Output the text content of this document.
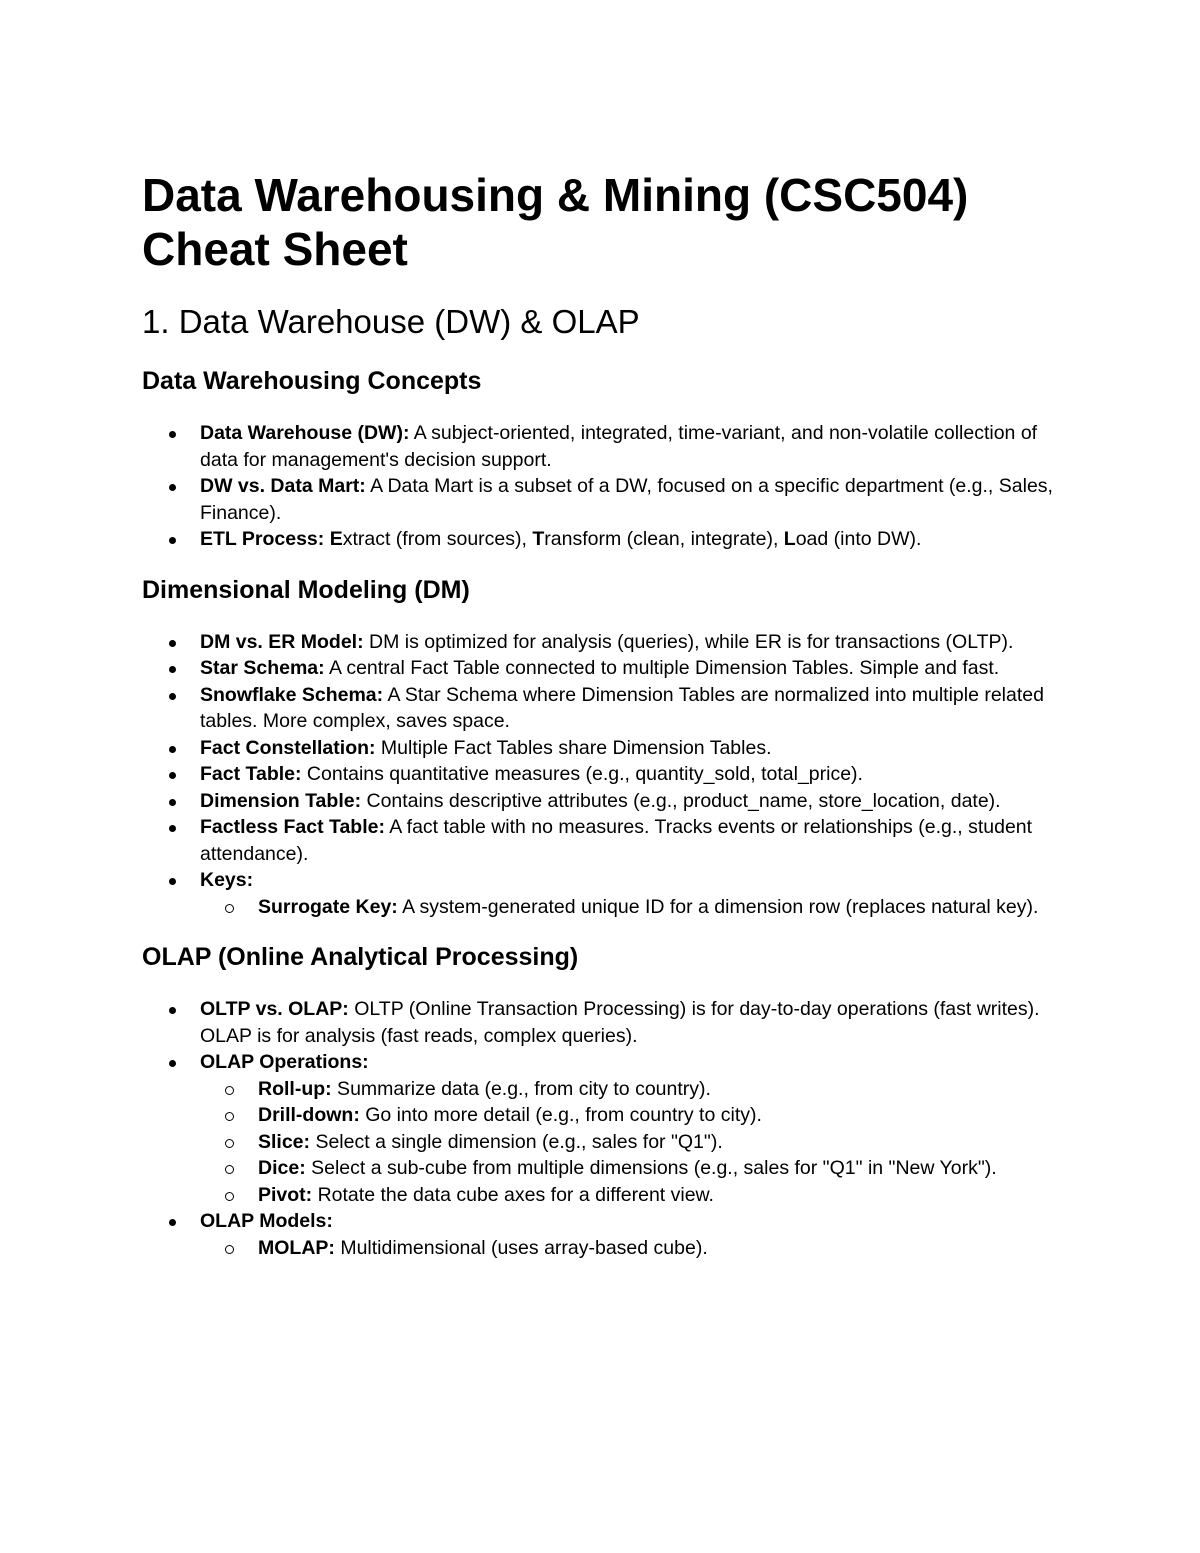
Data Warehousing & Mining (CSC504)
Cheat Sheet
1. Data Warehouse (DW) & OLAP
Data Warehousing Concepts
Data Warehouse (DW): A subject-oriented, integrated, time-variant, and non-volatile collection of data for management's decision support.
DW vs. Data Mart: A Data Mart is a subset of a DW, focused on a specific department (e.g., Sales, Finance).
ETL Process: Extract (from sources), Transform (clean, integrate), Load (into DW).
Dimensional Modeling (DM)
DM vs. ER Model: DM is optimized for analysis (queries), while ER is for transactions (OLTP).
Star Schema: A central Fact Table connected to multiple Dimension Tables. Simple and fast.
Snowflake Schema: A Star Schema where Dimension Tables are normalized into multiple related tables. More complex, saves space.
Fact Constellation: Multiple Fact Tables share Dimension Tables.
Fact Table: Contains quantitative measures (e.g., quantity_sold, total_price).
Dimension Table: Contains descriptive attributes (e.g., product_name, store_location, date).
Factless Fact Table: A fact table with no measures. Tracks events or relationships (e.g., student attendance).
Keys:
Surrogate Key: A system-generated unique ID for a dimension row (replaces natural key).
OLAP (Online Analytical Processing)
OLTP vs. OLAP: OLTP (Online Transaction Processing) is for day-to-day operations (fast writes). OLAP is for analysis (fast reads, complex queries).
OLAP Operations:
Roll-up: Summarize data (e.g., from city to country).
Drill-down: Go into more detail (e.g., from country to city).
Slice: Select a single dimension (e.g., sales for "Q1").
Dice: Select a sub-cube from multiple dimensions (e.g., sales for "Q1" in "New York").
Pivot: Rotate the data cube axes for a different view.
OLAP Models:
MOLAP: Multidimensional (uses array-based cube).
